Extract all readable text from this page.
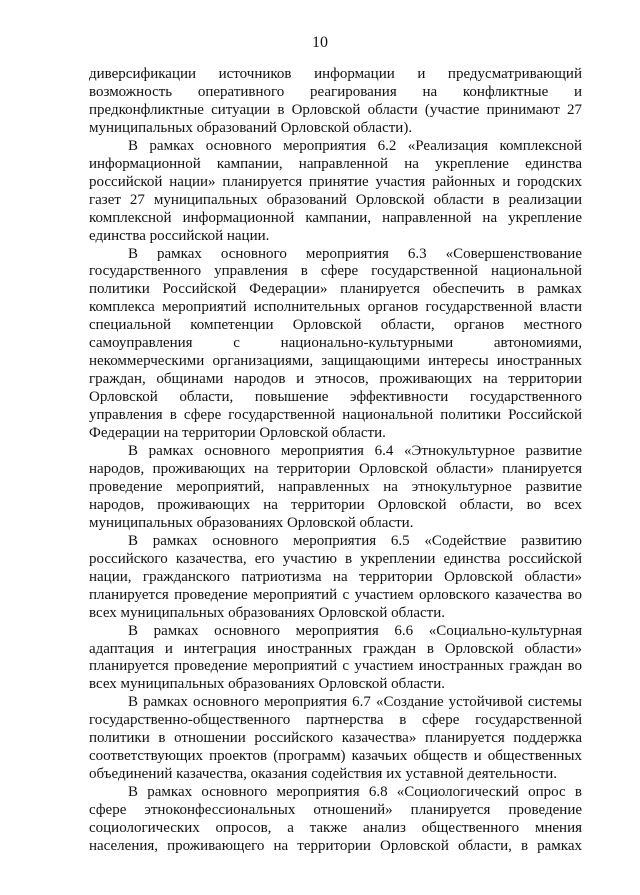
10

диверсификации источников информации и предусматривающий возможность оперативного реагирования на конфликтные и предконфликтные ситуации в Орловской области (участие принимают 27 муниципальных образований Орловской области).

В рамках основного мероприятия 6.2 «Реализация комплексной информационной кампании, направленной на укрепление единства российской нации» планируется принятие участия районных и городских газет 27 муниципальных образований Орловской области в реализации комплексной информационной кампании, направленной на укрепление единства российской нации.

В рамках основного мероприятия 6.3 «Совершенствование государственного управления в сфере государственной национальной политики Российской Федерации» планируется обеспечить в рамках комплекса мероприятий исполнительных органов государственной власти специальной компетенции Орловской области, органов местного самоуправления с национально-культурными автономиями, некоммерческими организациями, защищающими интересы иностранных граждан, общинами народов и этносов, проживающих на территории Орловской области, повышение эффективности государственного управления в сфере государственной национальной политики Российской Федерации на территории Орловской области.

В рамках основного мероприятия 6.4 «Этнокультурное развитие народов, проживающих на территории Орловской области» планируется проведение мероприятий, направленных на этнокультурное развитие народов, проживающих на территории Орловской области, во всех муниципальных образованиях Орловской области.

В рамках основного мероприятия 6.5 «Содействие развитию российского казачества, его участию в укреплении единства российской нации, гражданского патриотизма на территории Орловской области» планируется проведение мероприятий с участием орловского казачества во всех муниципальных образованиях Орловской области.

В рамках основного мероприятия 6.6 «Социально-культурная адаптация и интеграция иностранных граждан в Орловской области» планируется проведение мероприятий с участием иностранных граждан во всех муниципальных образованиях Орловской области.

В рамках основного мероприятия 6.7 «Создание устойчивой системы государственно-общественного партнерства в сфере государственной политики в отношении российского казачества» планируется поддержка соответствующих проектов (программ) казачьих обществ и общественных объединений казачества, оказания содействия их уставной деятельности.

В рамках основного мероприятия 6.8 «Социологический опрос в сфере этноконфессиональных отношений» планируется проведение социологических опросов, а также анализ общественного мнения населения, проживающего на территории Орловской области, в рамках
